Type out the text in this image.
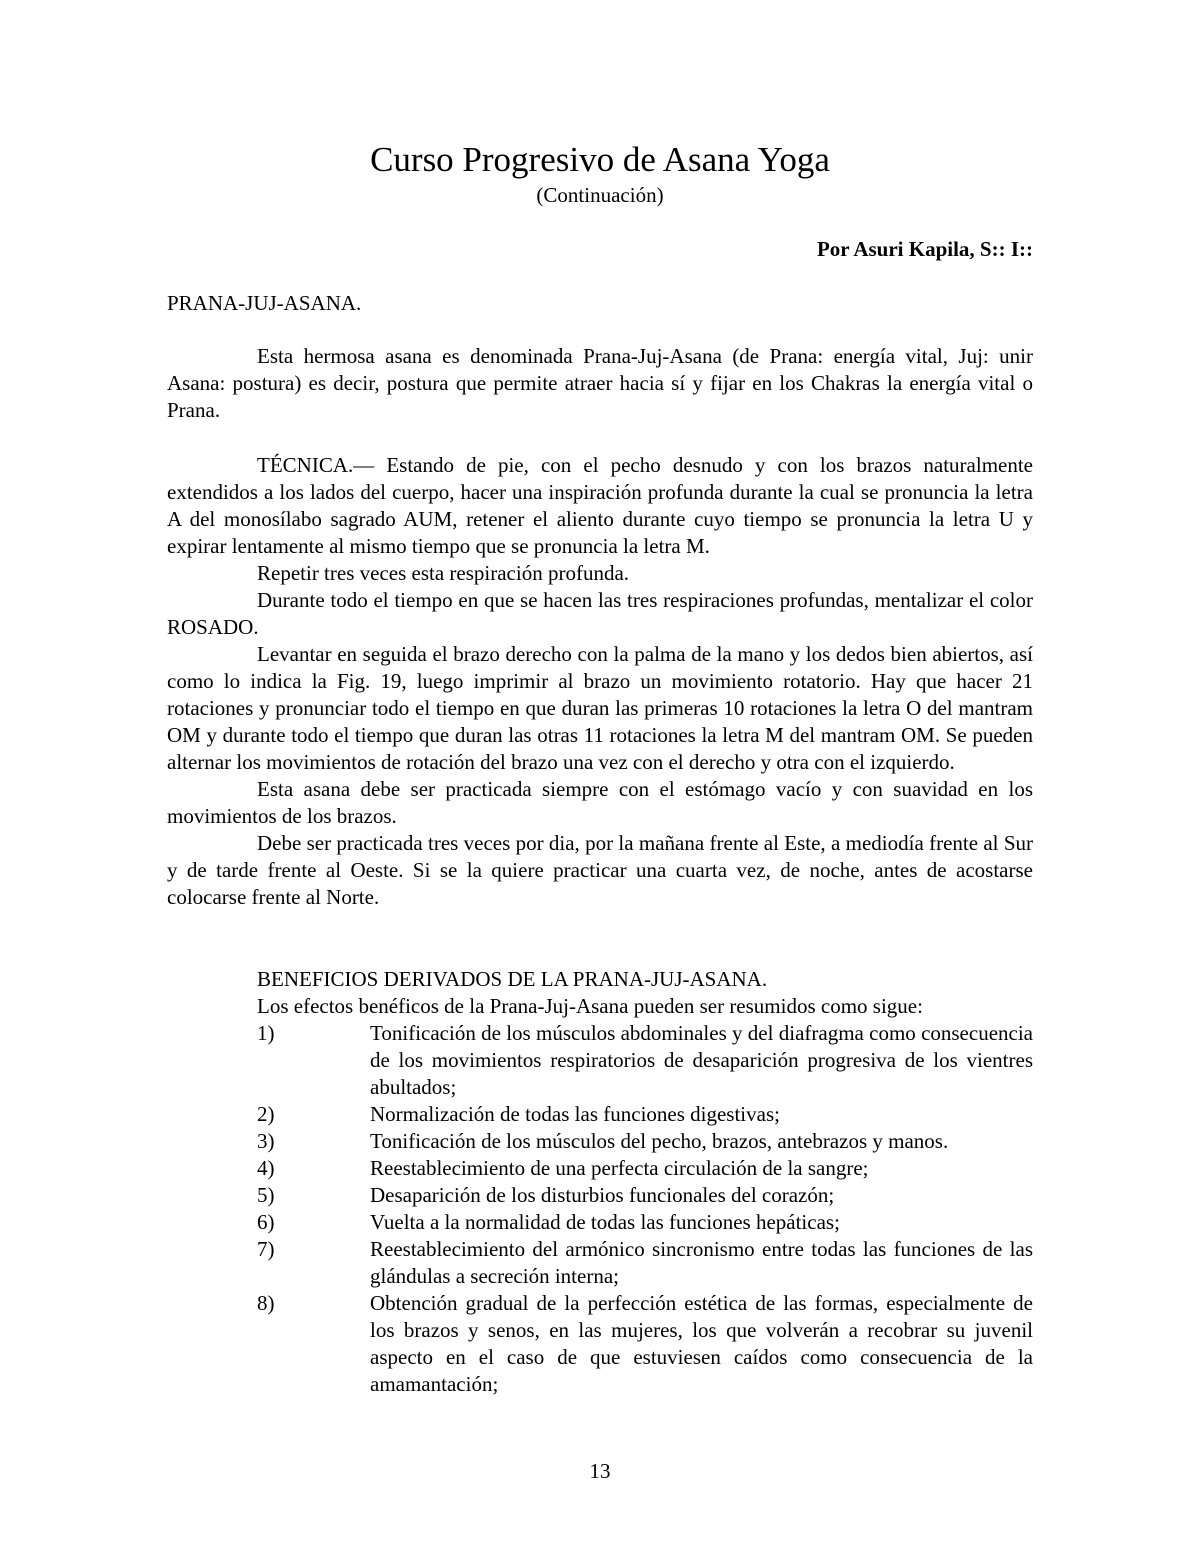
Curso Progresivo de Asana Yoga
(Continuación)
Por Asuri Kapila, S:: I::
PRANA-JUJ-ASANA.

Esta hermosa asana es denominada Prana-Juj-Asana (de Prana: energía vital, Juj: unir Asana: postura) es decir, postura que permite atraer hacia sí y fijar en los Chakras la energía vital o Prana.

TÉCNICA.— Estando de pie, con el pecho desnudo y con los brazos naturalmente extendidos a los lados del cuerpo, hacer una inspiración profunda durante la cual se pronuncia la letra A del monosílabo sagrado AUM, retener el aliento durante cuyo tiempo se pronuncia la letra U y expirar lentamente al mismo tiempo que se pronuncia la letra M.

Repetir tres veces esta respiración profunda.

Durante todo el tiempo en que se hacen las tres respiraciones profundas, mentalizar el color ROSADO.

Levantar en seguida el brazo derecho con la palma de la mano y los dedos bien abiertos, así como lo indica la Fig. 19, luego imprimir al brazo un movimiento rotatorio. Hay que hacer 21 rotaciones y pronunciar todo el tiempo en que duran las primeras 10 rotaciones la letra O del mantram OM y durante todo el tiempo que duran las otras 11 rotaciones la letra M del mantram OM. Se pueden alternar los movimientos de rotación del brazo una vez con el derecho y otra con el izquierdo.

Esta asana debe ser practicada siempre con el estómago vacío y con suavidad en los movimientos de los brazos.

Debe ser practicada tres veces por dia, por la mañana frente al Este, a mediodía frente al Sur y de tarde frente al Oeste. Si se la quiere practicar una cuarta vez, de noche, antes de acostarse colocarse frente al Norte.

BENEFICIOS DERIVADOS DE LA PRANA-JUJ-ASANA.

Los efectos benéficos de la Prana-Juj-Asana pueden ser resumidos como sigue:

1)	Tonificación de los músculos abdominales y del diafragma como consecuencia de los movimientos respiratorios de desaparición progresiva de los vientres abultados;
2)	Normalización de todas las funciones digestivas;
3)	Tonificación de los músculos del pecho, brazos, antebrazos y manos.
4)	Reestablecimiento de una perfecta circulación de la sangre;
5)	Desaparición de los disturbios funcionales del corazón;
6)	Vuelta a la normalidad de todas las funciones hepáticas;
7)	Reestablecimiento del armónico sincronismo entre todas las funciones de las glándulas a secreción interna;
8)	Obtención gradual de la perfección estética de las formas, especialmente de los brazos y senos, en las mujeres, los que volverán a recobrar su juvenil aspecto en el caso de que estuviesen caídos como consecuencia de la amamantación;
13
